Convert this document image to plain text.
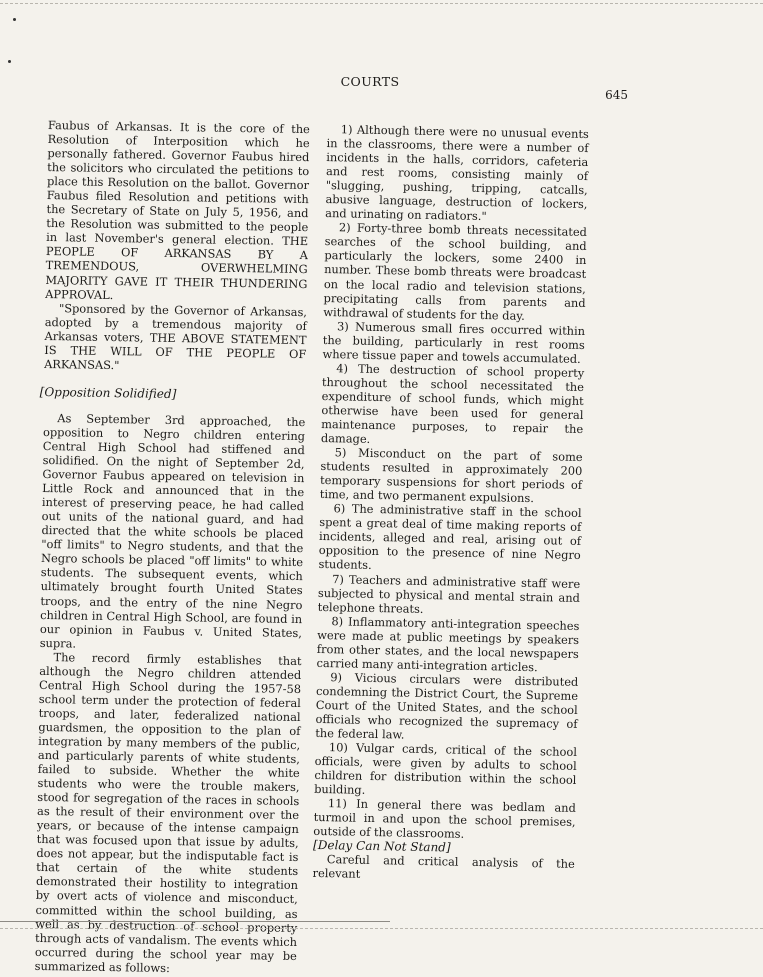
COURTS

645

Faubus of Arkansas. It is the core of the Resolution of Interposition which he personally fathered. Governor Faubus hired the solicitors who circulated the petitions to place this Resolution on the ballot. Governor Faubus filed Resolution and petitions with the Secretary of State on July 5, 1956, and the Resolution was submitted to the people in last November's general election. THE PEOPLE OF ARKANSAS BY A TREMENDOUS, OVERWHELMING MAJORITY GAVE IT THEIR THUNDERING APPROVAL.

"Sponsored by the Governor of Arkansas, adopted by a tremendous majority of Arkansas voters, THE ABOVE STATEMENT IS THE WILL OF THE PEOPLE OF ARKANSAS."

[Opposition Solidified]

As September 3rd approached, the opposition to Negro children entering Central High School had stiffened and solidified. On the night of September 2d, Governor Faubus appeared on television in Little Rock and announced that in the interest of preserving peace, he had called out units of the national guard, and had directed that the white schools be placed "off limits" to Negro students, and that the Negro schools be placed "off limits" to white students. The subsequent events, which ultimately brought fourth United States troops, and the entry of the nine Negro children in Central High School, are found in our opinion in Faubus v. United States, supra.

The record firmly establishes that although the Negro children attended Central High School during the 1957-58 school term under the protection of federal troops, and later, federalized national guardsmen, the opposition to the plan of integration by many members of the public, and particularly parents of white students, failed to subside. Whether the white students who were the trouble makers, stood for segregation of the races in schools as the result of their environment over the years, or because of the intense campaign that was focused upon that issue by adults, does not appear, but the indisputable fact is that certain of the white students demonstrated their hostility to integration by overt acts of violence and misconduct, committed within the school building, as well as by destruction of school property through acts of vandalism. The events which occurred during the school year may be summarized as follows:

1) Although there were no unusual events in the classrooms, there were a number of incidents in the halls, corridors, cafeteria and rest rooms, consisting mainly of "slugging, pushing, tripping, catcalls, abusive language, destruction of lockers, and urinating on radiators."

2) Forty-three bomb threats necessitated searches of the school building, and particularly the lockers, some 2400 in number. These bomb threats were broadcast on the local radio and television stations, precipitating calls from parents and withdrawal of students for the day.

3) Numerous small fires occurred within the building, particularly in rest rooms where tissue paper and towels accumulated.

4) The destruction of school property throughout the school necessitated the expenditure of school funds, which might otherwise have been used for general maintenance purposes, to repair the damage.

5) Misconduct on the part of some students resulted in approximately 200 temporary suspensions for short periods of time, and two permanent expulsions.

6) The administrative staff in the school spent a great deal of time making reports of incidents, alleged and real, arising out of opposition to the presence of nine Negro students.

7) Teachers and administrative staff were subjected to physical and mental strain and telephone threats.

8) Inflammatory anti-integration speeches were made at public meetings by speakers from other states, and the local newspapers carried many anti-integration articles.

9) Vicious circulars were distributed condemning the District Court, the Supreme Court of the United States, and the school officials who recognized the supremacy of the federal law.

10) Vulgar cards, critical of the school officials, were given by adults to school children for distribution within the school building.

11) In general there was bedlam and turmoil in and upon the school premises, outside of the classrooms.

[Delay Can Not Stand]

Careful and critical analysis of the relevant
